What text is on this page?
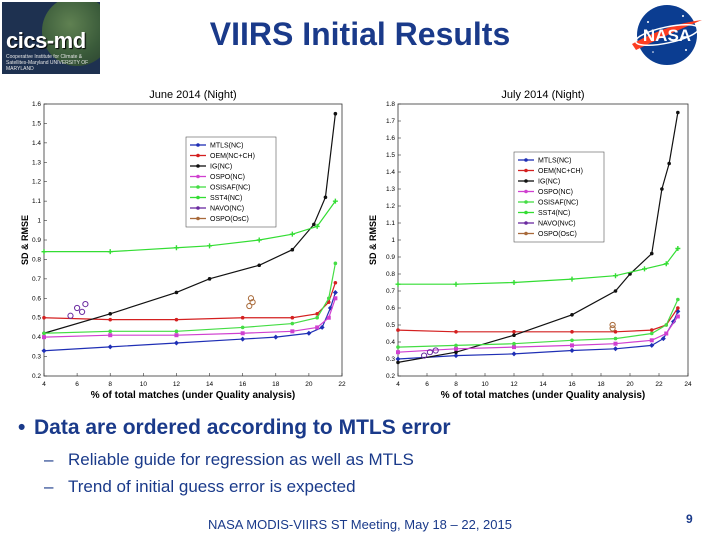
cics-md
Cooperative Institute for Climate & Satellites-Maryland UNIVERSITY OF MARYLAND
VIIRS Initial Results	NASA
June 2014 (Night)
% of total matches (under Quality analysis)
SD & RMSE
4	6	8	10	12	14	16	18	20	22
0.2
0.3
0.4
0.5
0.6
0.7
0.8
0.9
1
1.1
1.2
1.3
1.4
1.5
1.6
MTLS(NC)
OEM(NC+CH)
IG(NC)
OSPO(NC)
OSISAF(NC)
SST4(NC)
NAVO(NC)
OSPO(OsC)
July 2014 (Night)
% of total matches (under Quality analysis)
SD & RMSE
4	6	8	10	12	14	16	18	20	22	24
0.2
0.3
0.4
0.5
0.6
0.7
0.8
0.9
1
1.1
1.2
1.3
1.4
1.5
1.6
1.7
1.8
MTLS(NC)
OEM(NC+CH)
IG(NC)
OSPO(NC)
OSISAF(NC)
SST4(NC)
NAVO(NvC)
OSPO(OsC)
• Data are ordered according to MTLS error
– Reliable guide for regression as well as MTLS
– Trend of initial guess error is expected
NASA MODIS-VIIRS ST Meeting, May 18 – 22, 2015	9
